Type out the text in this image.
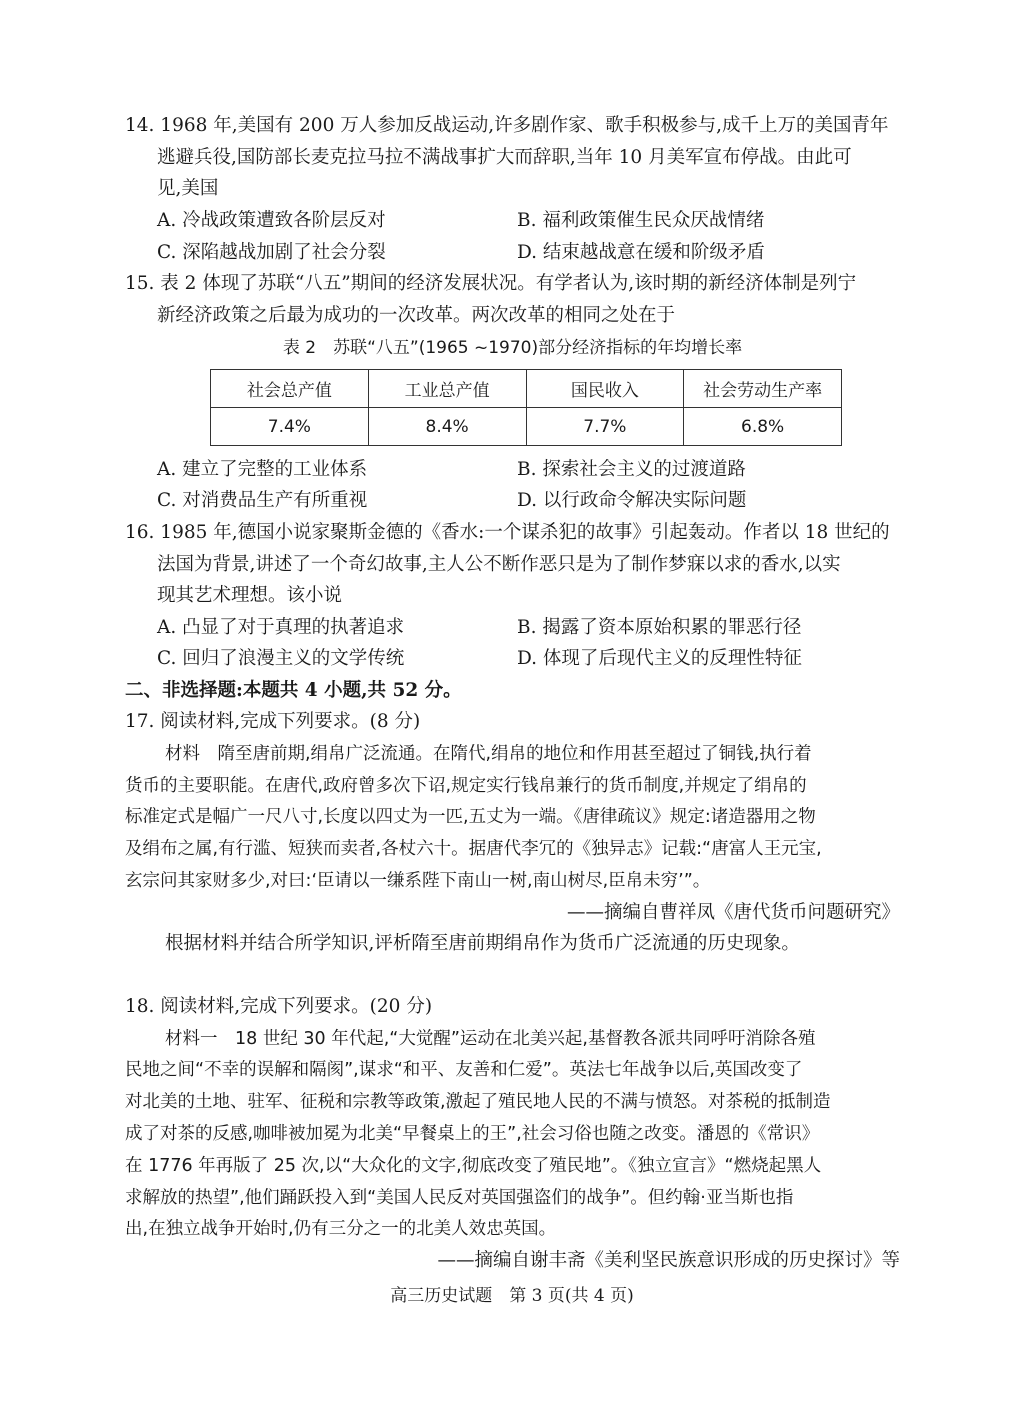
14. 1968 年,美国有 200 万人参加反战运动,许多剧作家、歌手积极参与,成千上万的美国青年
逃避兵役,国防部长麦克拉马拉不满战事扩大而辞职,当年 10 月美军宣布停战。由此可
见,美国
A. 冷战政策遭致各阶层反对	B. 福利政策催生民众厌战情绪
C. 深陷越战加剧了社会分裂	D. 结束越战意在缓和阶级矛盾
15. 表 2 体现了苏联“八五”期间的经济发展状况。有学者认为,该时期的新经济体制是列宁
新经济政策之后最为成功的一次改革。两次改革的相同之处在于
表 2　苏联“八五”(1965 ~1970)部分经济指标的年均增长率
社会总产值	工业总产值	国民收入	社会劳动生产率
7.4%	8.4%	7.7%	6.8%
A. 建立了完整的工业体系	B. 探索社会主义的过渡道路
C. 对消费品生产有所重视	D. 以行政命令解决实际问题
16. 1985 年,德国小说家聚斯金德的《香水:一个谋杀犯的故事》引起轰动。作者以 18 世纪的
法国为背景,讲述了一个奇幻故事,主人公不断作恶只是为了制作梦寐以求的香水,以实
现其艺术理想。该小说
A. 凸显了对于真理的执著追求	B. 揭露了资本原始积累的罪恶行径
C. 回归了浪漫主义的文学传统	D. 体现了后现代主义的反理性特征
二、非选择题:本题共 4 小题,共 52 分。
17. 阅读材料,完成下列要求。(8 分)
材料　隋至唐前期,绢帛广泛流通。在隋代,绢帛的地位和作用甚至超过了铜钱,执行着
货币的主要职能。在唐代,政府曾多次下诏,规定实行钱帛兼行的货币制度,并规定了绢帛的
标准定式是幅广一尺八寸,长度以四丈为一匹,五丈为一端。《唐律疏议》规定:诸造器用之物
及绢布之属,有行滥、短狭而卖者,各杖六十。据唐代李冗的《独异志》记载:“唐富人王元宝,
玄宗问其家财多少,对曰:‘臣请以一缣系陛下南山一树,南山树尽,臣帛未穷’”。
——摘编自曹祥凤《唐代货币问题研究》
根据材料并结合所学知识,评析隋至唐前期绢帛作为货币广泛流通的历史现象。
18. 阅读材料,完成下列要求。(20 分)
材料一　18 世纪 30 年代起,“大觉醒”运动在北美兴起,基督教各派共同呼吁消除各殖
民地之间“不幸的误解和隔阂”,谋求“和平、友善和仁爱”。英法七年战争以后,英国改变了
对北美的土地、驻军、征税和宗教等政策,激起了殖民地人民的不满与愤怒。对茶税的抵制造
成了对茶的反感,咖啡被加冕为北美“早餐桌上的王”,社会习俗也随之改变。潘恩的《常识》
在 1776 年再版了 25 次,以“大众化的文字,彻底改变了殖民地”。《独立宣言》“燃烧起黑人
求解放的热望”,他们踊跃投入到“美国人民反对英国强盗们的战争”。但约翰·亚当斯也指
出,在独立战争开始时,仍有三分之一的北美人效忠英国。
——摘编自谢丰斋《美利坚民族意识形成的历史探讨》等
高三历史试题　第 3 页(共 4 页)
